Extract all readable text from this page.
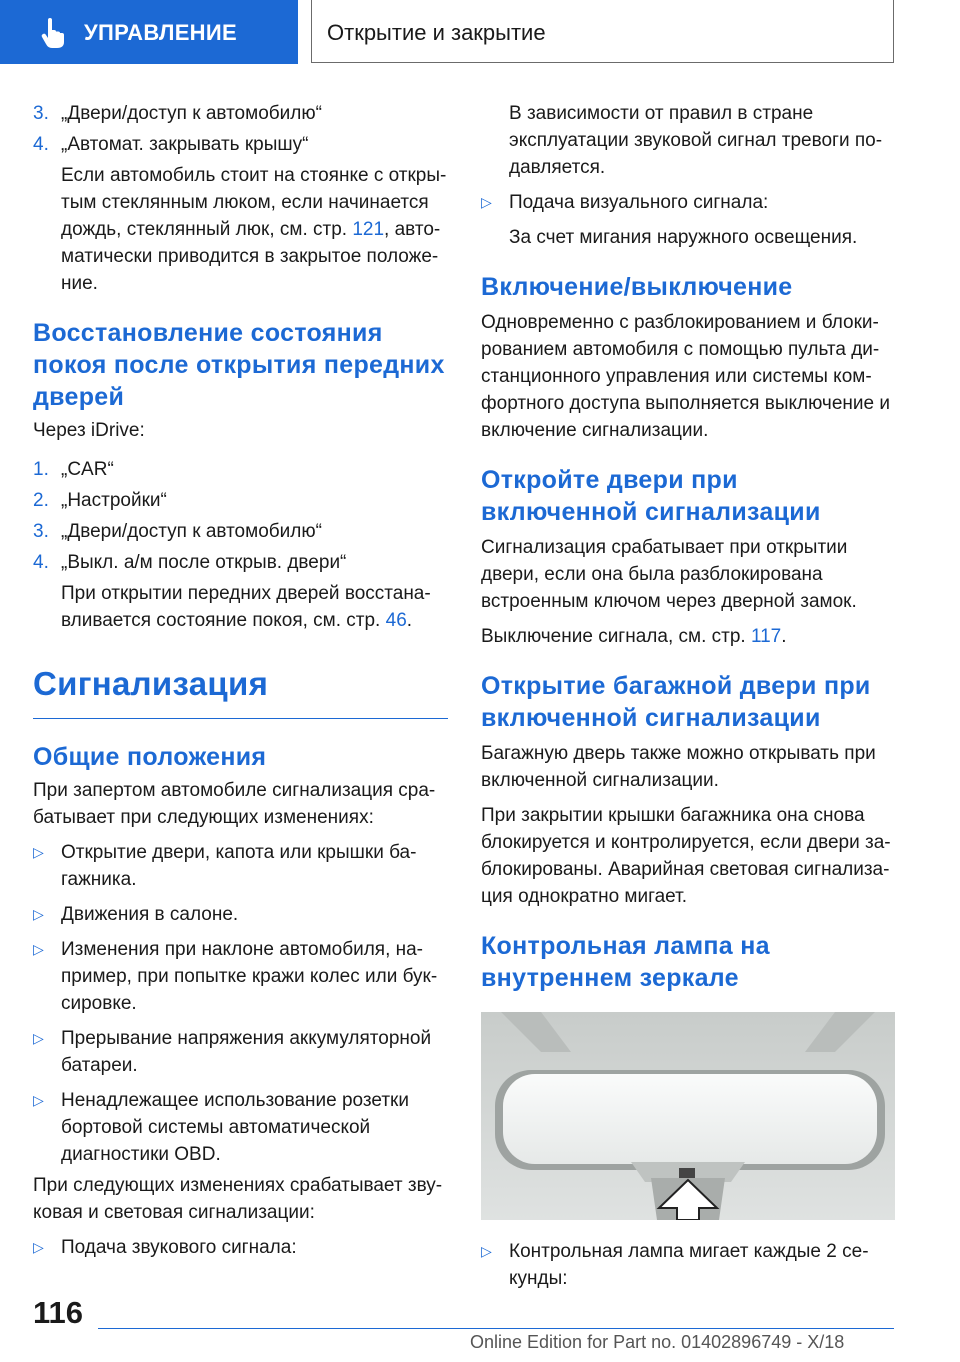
УПРАВЛЕНИЕ	Открытие и закрытие
3. „Двери/доступ к автомобилю“
4. „Автомат. закрывать крышу“
Если автомобиль стоит на стоянке с откры-
тым стеклянным люком, если начинается
дождь, стеклянный люк, см. стр. 121, авто-
матически приводится в закрытое положе-
ние.
Восстановление состояния
покоя после открытия передних
дверей
Через iDrive:
1. „CAR“
2. „Настройки“
3. „Двери/доступ к автомобилю“
4. „Выкл. а/м после открыв. двери“
При открытии передних дверей восстана-
вливается состояние покоя, см. стр. 46.
Сигнализация
Общие положения
При запертом автомобиле сигнализация сра-
батывает при следующих изменениях:
▷ Открытие двери, капота или крышки ба-
гажника.
▷ Движения в салоне.
▷ Изменения при наклоне автомобиля, на-
пример, при попытке кражи колес или бук-
сировке.
▷ Прерывание напряжения аккумуляторной
батареи.
▷ Ненадлежащее использование розетки
бортовой системы автоматической
диагностики OBD.
При следующих изменениях срабатывает зву-
ковая и световая сигнализации:
▷ Подача звукового сигнала:
В зависимости от правил в стране
эксплуатации звуковой сигнал тревоги по-
давляется.
▷ Подача визуального сигнала:
За счет мигания наружного освещения.
Включение/выключение
Одновременно с разблокированием и блоки-
рованием автомобиля с помощью пульта ди-
станционного управления или системы ком-
фортного доступа выполняется выключение и
включение сигнализации.
Откройте двери при
включенной сигнализации
Сигнализация срабатывает при открытии
двери, если она была разблокирована
встроенным ключом через дверной замок.
Выключение сигнала, см. стр. 117.
Открытие багажной двери при
включенной сигнализации
Багажную дверь также можно открывать при
включенной сигнализации.
При закрытии крышки багажника она снова
блокируется и контролируется, если двери за-
блокированы. Аварийная световая сигнализа-
ция однократно мигает.
Контрольная лампа на
внутреннем зеркале
▷ Контрольная лампа мигает каждые 2 се-
кунды:
116
Online Edition for Part no. 01402896749 - X/18
